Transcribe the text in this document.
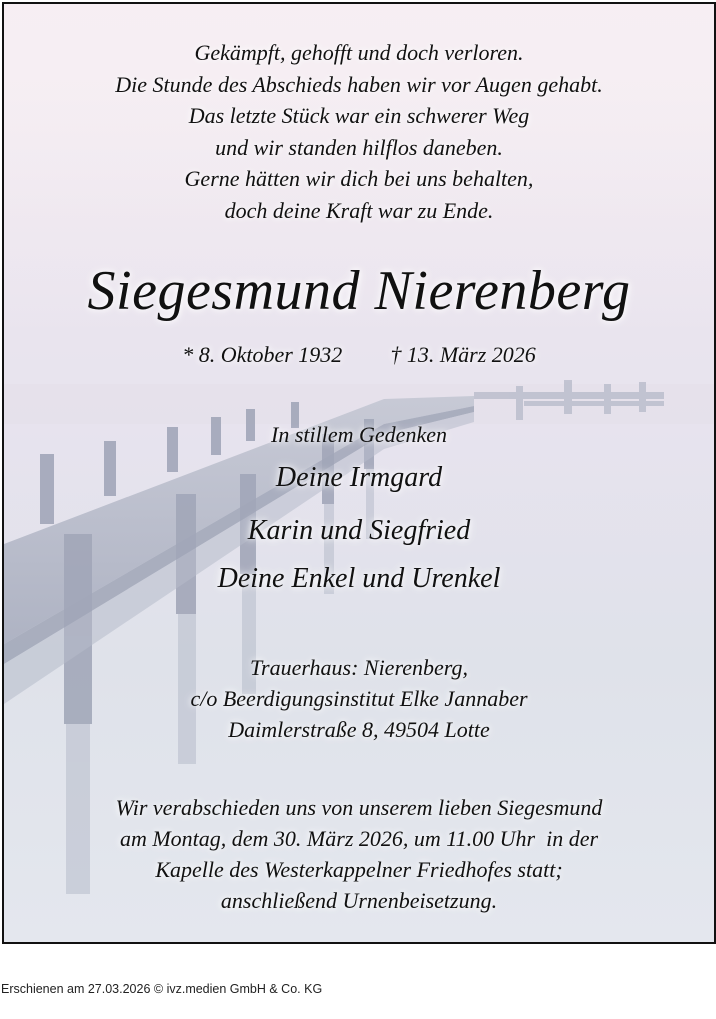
Gekämpft, gehofft und doch verloren.
Die Stunde des Abschieds haben wir vor Augen gehabt.
Das letzte Stück war ein schwerer Weg
und wir standen hilflos daneben.
Gerne hätten wir dich bei uns behalten,
doch deine Kraft war zu Ende.
Siegesmund Nierenberg
* 8. Oktober 1932 † 13. März 2026
In stillem Gedenken
Deine Irmgard
Karin und Siegfried
Deine Enkel und Urenkel
Trauerhaus: Nierenberg,
c/o Beerdigungsinstitut Elke Jannaber
Daimlerstraße 8, 49504 Lotte
Wir verabschieden uns von unserem lieben Siegesmund
am Montag, dem 30. März 2026, um 11.00 Uhr  in der
Kapelle des Westerkappelner Friedhofes statt;
anschließend Urnenbeisetzung.
Erschienen am 27.03.2026 © ivz.medien GmbH & Co. KG
